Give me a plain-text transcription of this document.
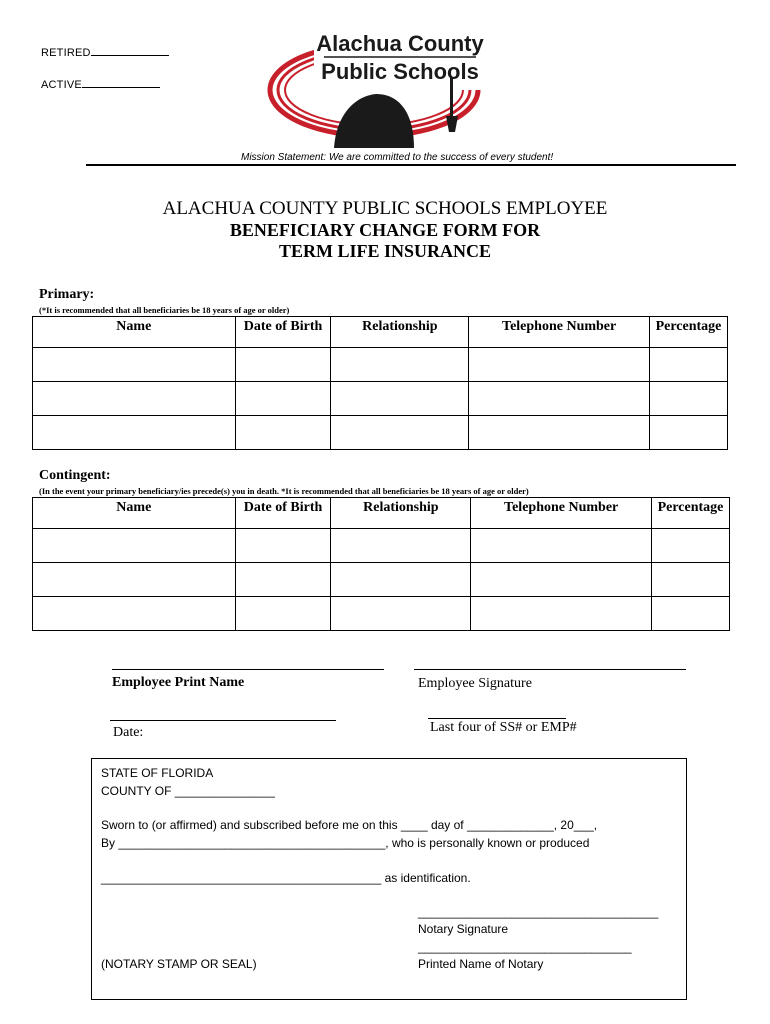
RETIRED
ACTIVE
Alachua County
Public Schools
Mission Statement: We are committed to the success of every student!
ALACHUA COUNTY PUBLIC SCHOOLS EMPLOYEE
BENEFICIARY CHANGE FORM FOR
TERM LIFE INSURANCE
Primary:
(*It is recommended that all beneficiaries be 18 years of age or older)
Name	Date of Birth	Relationship	Telephone Number	Percentage

Contingent:
(In the event your primary beneficiary/ies precede(s) you in death. *It is recommended that all beneficiaries be 18 years of age or older)
Name	Date of Birth	Relationship	Telephone Number	Percentage

Employee Print Name	Employee Signature
Date:	Last four of SS# or EMP#
STATE OF FLORIDA
COUNTY OF _______________
Sworn to (or affirmed) and subscribed before me on this ____ day of _____________, 20___,
By ________________________________________, who is personally known or produced
__________________________________________ as identification.
____________________________________
Notary Signature
________________________________
Printed Name of Notary
(NOTARY STAMP OR SEAL)
